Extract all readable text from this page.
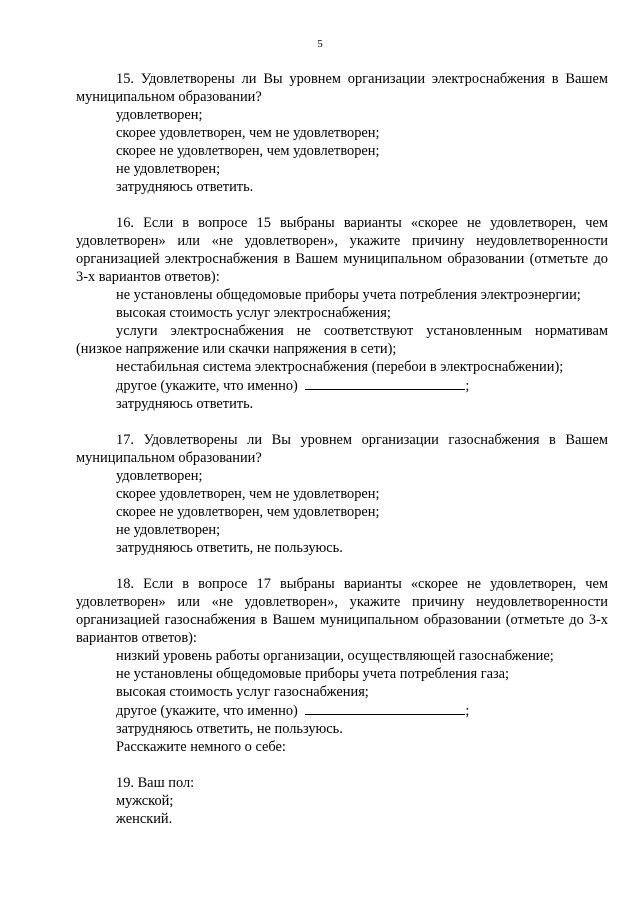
5

15. Удовлетворены ли Вы уровнем организации электроснабжения в Вашем муниципальном образовании?

удовлетворен;
скорее удовлетворен, чем не удовлетворен;
скорее не удовлетворен, чем удовлетворен;
не удовлетворен;
затрудняюсь ответить.

16. Если в вопросе 15 выбраны варианты «скорее не удовлетворен, чем удовлетворен» или «не удовлетворен», укажите причину неудовлетворенности организацией электроснабжения в Вашем муниципальном образовании (отметьте до 3-х вариантов ответов):

не установлены общедомовые приборы учета потребления электроэнергии;
высокая стоимость услуг электроснабжения;
услуги электроснабжения не соответствуют установленным нормативам (низкое напряжение или скачки напряжения в сети);
нестабильная система электроснабжения (перебои в электроснабжении);
другое (укажите, что именно)	;
затрудняюсь ответить.

17. Удовлетворены ли Вы уровнем организации газоснабжения в Вашем муниципальном образовании?

удовлетворен;
скорее удовлетворен, чем не удовлетворен;
скорее не удовлетворен, чем удовлетворен;
не удовлетворен;
затрудняюсь ответить, не пользуюсь.

18. Если в вопросе 17 выбраны варианты «скорее не удовлетворен, чем удовлетворен» или «не удовлетворен», укажите причину неудовлетворенности организацией газоснабжения в Вашем муниципальном образовании (отметьте до 3-х вариантов ответов):

низкий уровень работы организации, осуществляющей газоснабжение;
не установлены общедомовые приборы учета потребления газа;
высокая стоимость услуг газоснабжения;
другое (укажите, что именно)	;
затрудняюсь ответить, не пользуюсь.
Расскажите немного о себе:

19. Ваш пол:

мужской;
женский.
